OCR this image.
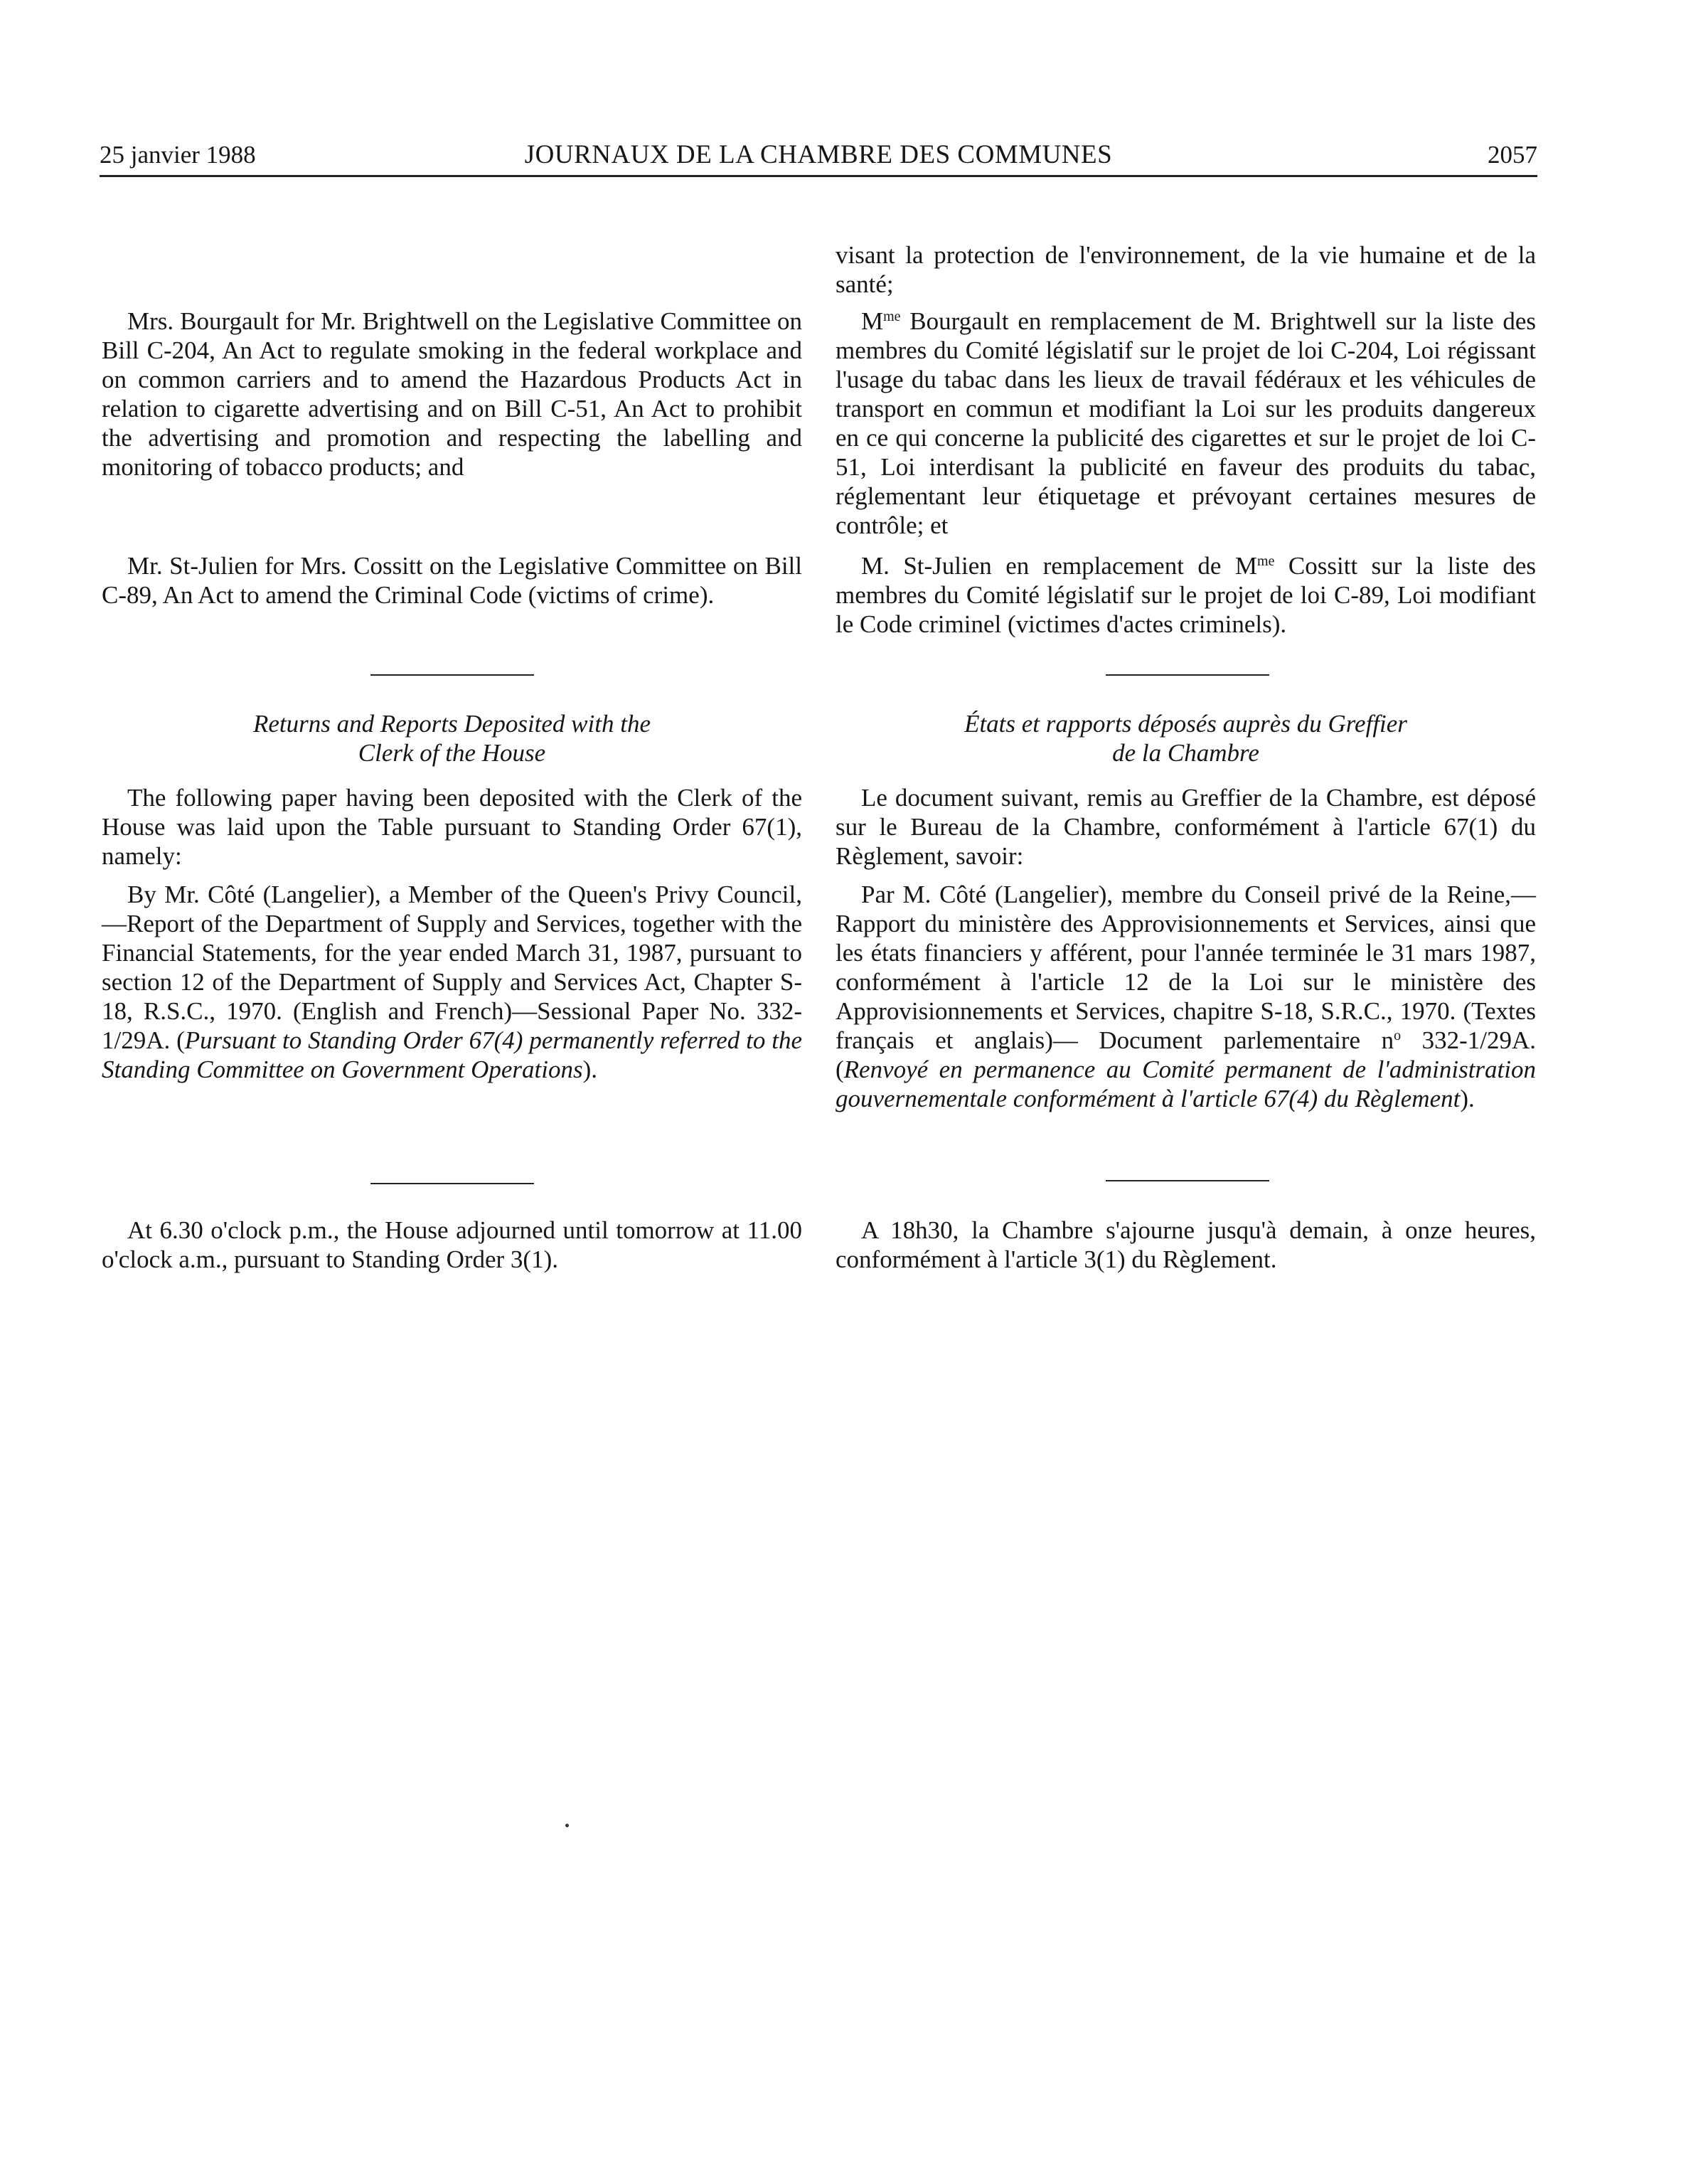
25 janvier 1988	JOURNAUX DE LA CHAMBRE DES COMMUNES	2057

Mrs. Bourgault for Mr. Brightwell on the Legislative Committee on Bill C-204, An Act to regulate smoking in the federal workplace and on common carriers and to amend the Hazardous Products Act in relation to cigarette advertising and on Bill C-51, An Act to prohibit the advertising and promotion and respecting the labelling and monitoring of tobacco products; and

Mr. St-Julien for Mrs. Cossitt on the Legislative Committee on Bill C-89, An Act to amend the Criminal Code (victims of crime).

Returns and Reports Deposited with the
Clerk of the House

The following paper having been deposited with the Clerk of the House was laid upon the Table pursuant to Standing Order 67(1), namely:

By Mr. Côté (Langelier), a Member of the Queen's Privy Council,—Report of the Department of Supply and Services, together with the Financial Statements, for the year ended March 31, 1987, pursuant to section 12 of the Department of Supply and Services Act, Chapter S-18, R.S.C., 1970. (English and French)—Sessional Paper No. 332-1/29A. (Pursuant to Standing Order 67(4) permanently referred to the Standing Committee on Government Operations).

At 6.30 o'clock p.m., the House adjourned until tomorrow at 11.00 o'clock a.m., pursuant to Standing Order 3(1).

visant la protection de l'environnement, de la vie humaine et de la santé;

$M^{me}$ Bourgault en remplacement de M. Brightwell sur la liste des membres du Comité législatif sur le projet de loi C-204, Loi régissant l'usage du tabac dans les lieux de travail fédéraux et les véhicules de transport en commun et modifiant la Loi sur les produits dangereux en ce qui concerne la publicité des cigarettes et sur le projet de loi C-51, Loi interdisant la publicité en faveur des produits du tabac, réglementant leur étiquetage et prévoyant certaines mesures de contrôle; et

M. St-Julien en remplacement de $M^{me}$ Cossitt sur la liste des membres du Comité législatif sur le projet de loi C-89, Loi modifiant le Code criminel (victimes d'actes criminels).

États et rapports déposés auprès du Greffier
de la Chambre

Le document suivant, remis au Greffier de la Chambre, est déposé sur le Bureau de la Chambre, conformément à l'article 67(1) du Règlement, savoir:

Par M. Côté (Langelier), membre du Conseil privé de la Reine,—Rapport du ministère des Approvisionnements et Services, ainsi que les états financiers y afférent, pour l'année terminée le 31 mars 1987, conformément à l'article 12 de la Loi sur le ministère des Approvisionnements et Services, chapitre S-18, S.R.C., 1970. (Textes français et anglais)— Document parlementaire $n^o$ 332-1/29A. (Renvoyé en permanence au Comité permanent de l'administration gouvernementale conformément à l'article 67(4) du Règlement).

A 18h30, la Chambre s'ajourne jusqu'à demain, à onze heures, conformément à l'article 3(1) du Règlement.
